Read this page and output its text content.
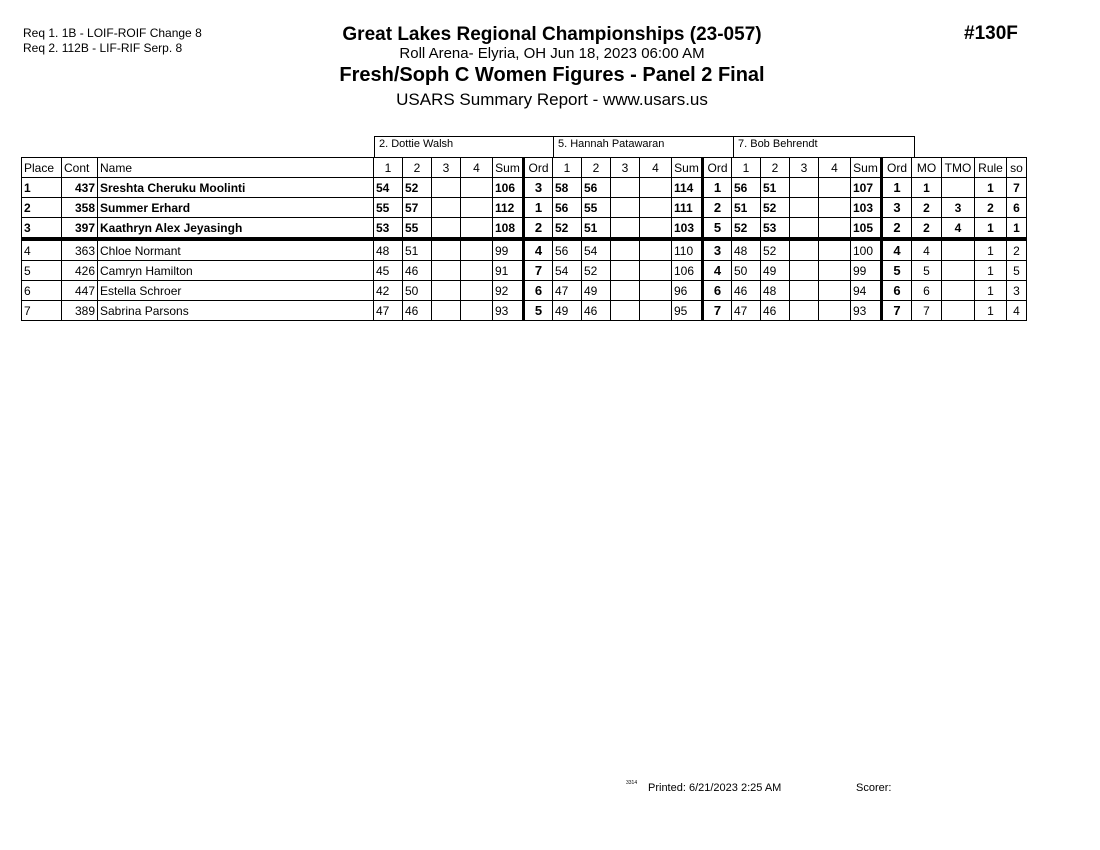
Req 1. 1B - LOIF-ROIF Change 8
Req 2. 112B - LIF-RIF Serp. 8
Great Lakes Regional Championships (23-057)
Roll Arena- Elyria, OH Jun 18, 2023 06:00 AM
Fresh/Soph C Women Figures - Panel 2 Final
USARS Summary Report - www.usars.us
#130F
2. Dottie Walsh	5. Hannah Patawaran	7. Bob Behrendt
Place	Cont	Name	1	2	3	4	Sum	Ord	1	2	3	4	Sum	Ord	1	2	3	4	Sum	Ord	MO	TMO	Rule	so
1	437	Sreshta Cheruku Moolinti	54	52			106	3	58	56			114	1	56	51			107	1	1		1	7
2	358	Summer Erhard	55	57			112	1	56	55			111	2	51	52			103	3	2	3	2	6
3	397	Kaathryn Alex Jeyasingh	53	55			108	2	52	51			103	5	52	53			105	2	2	4	1	1
4	363	Chloe Normant	48	51			99	4	56	54			110	3	48	52			100	4	4		1	2
5	426	Camryn Hamilton	45	46			91	7	54	52			106	4	50	49			99	5	5		1	5
6	447	Estella Schroer	42	50			92	6	47	49			96	6	46	48			94	6	6		1	3
7	389	Sabrina Parsons	47	46			93	5	49	46			95	7	47	46			93	7	7		1	4
3314 Printed: 6/21/2023 2:25 AM	Scorer:
